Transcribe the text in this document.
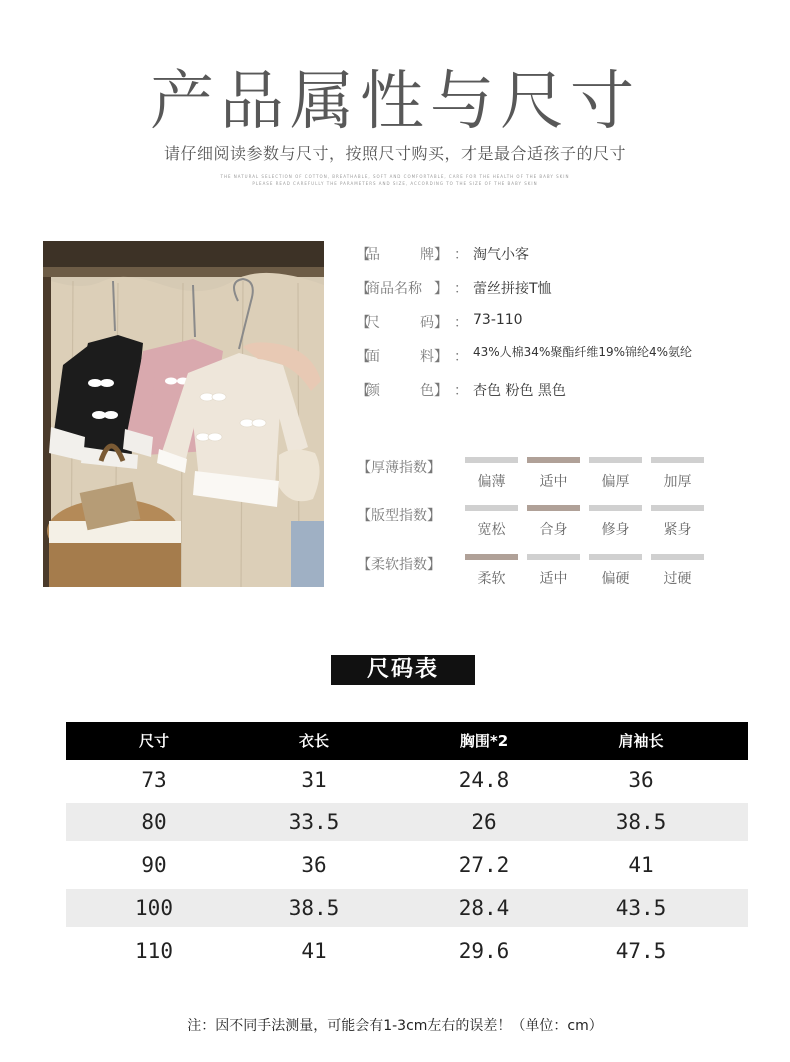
产品属性与尺寸
请仔细阅读参数与尺寸，按照尺寸购买，才是最合适孩子的尺寸
THE NATURAL SELECTION OF COTTON, BREATHABLE, SOFT AND COMFORTABLE, CARE FOR THE HEALTH OF THE BABY SKIN
PLEASE READ CAREFULLY THE PARAMETERS AND SIZE, ACCORDING TO THE SIZE OF THE BABY SKIN
【
品	牌 】 ： 淘气小客
【
商品名称 】 ： 蕾丝拼接T恤
【
尺	码 】 ： 73-110
【
面	料 】 ： 43%人棉34%聚酯纤维19%锦纶4%氨纶
【
颜	色 】 ： 杏色 粉色 黑色
【厚薄指数】
偏薄	适中	偏厚	加厚
【版型指数】
宽松	合身	修身	紧身
【柔软指数】
柔软	适中	偏硬	过硬
尺码表
尺寸	衣长	胸围*2	肩袖长
73	31	24.8	36
80	33.5	26	38.5
90	36	27.2	41
100	38.5	28.4	43.5
110	41	29.6	47.5
注：因不同手法测量，可能会有1-3cm左右的误差！（单位：cm）
